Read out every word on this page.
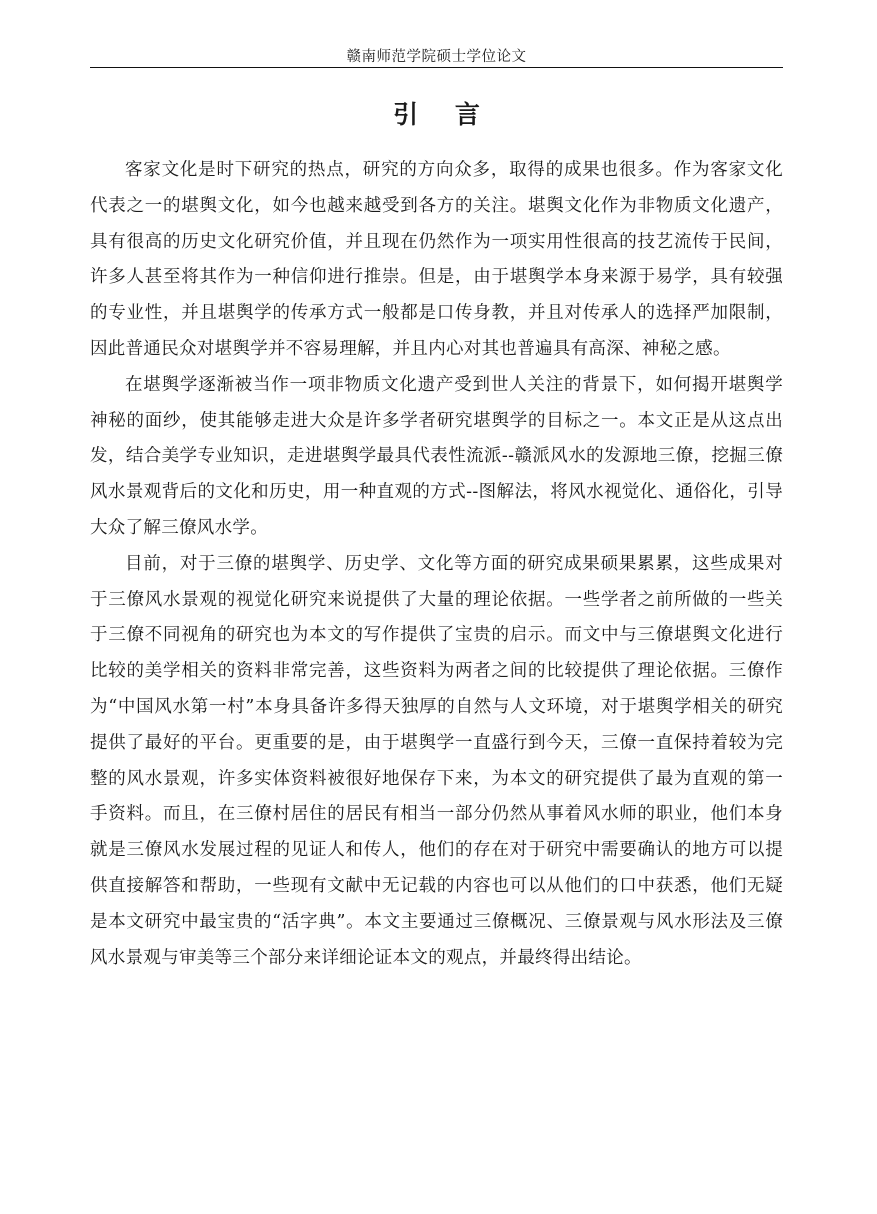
赣南师范学院硕士学位论文
引 言

客家文化是时下研究的热点，研究的方向众多，取得的成果也很多。作为客家文化代表之一的堪舆文化，如今也越来越受到各方的关注。堪舆文化作为非物质文化遗产，具有很高的历史文化研究价值，并且现在仍然作为一项实用性很高的技艺流传于民间，许多人甚至将其作为一种信仰进行推崇。但是，由于堪舆学本身来源于易学，具有较强的专业性，并且堪舆学的传承方式一般都是口传身教，并且对传承人的选择严加限制，因此普通民众对堪舆学并不容易理解，并且内心对其也普遍具有高深、神秘之感。

在堪舆学逐渐被当作一项非物质文化遗产受到世人关注的背景下，如何揭开堪舆学神秘的面纱，使其能够走进大众是许多学者研究堪舆学的目标之一。本文正是从这点出发，结合美学专业知识，走进堪舆学最具代表性流派--赣派风水的发源地三僚，挖掘三僚风水景观背后的文化和历史，用一种直观的方式--图解法，将风水视觉化、通俗化，引导大众了解三僚风水学。

目前，对于三僚的堪舆学、历史学、文化等方面的研究成果硕果累累，这些成果对于三僚风水景观的视觉化研究来说提供了大量的理论依据。一些学者之前所做的一些关于三僚不同视角的研究也为本文的写作提供了宝贵的启示。而文中与三僚堪舆文化进行比较的美学相关的资料非常完善，这些资料为两者之间的比较提供了理论依据。三僚作为“中国风水第一村”本身具备许多得天独厚的自然与人文环境，对于堪舆学相关的研究提供了最好的平台。更重要的是，由于堪舆学一直盛行到今天，三僚一直保持着较为完整的风水景观，许多实体资料被很好地保存下来，为本文的研究提供了最为直观的第一手资料。而且，在三僚村居住的居民有相当一部分仍然从事着风水师的职业，他们本身就是三僚风水发展过程的见证人和传人，他们的存在对于研究中需要确认的地方可以提供直接解答和帮助，一些现有文献中无记载的内容也可以从他们的口中获悉，他们无疑是本文研究中最宝贵的“活字典”。本文主要通过三僚概况、三僚景观与风水形法及三僚风水景观与审美等三个部分来详细论证本文的观点，并最终得出结论。
